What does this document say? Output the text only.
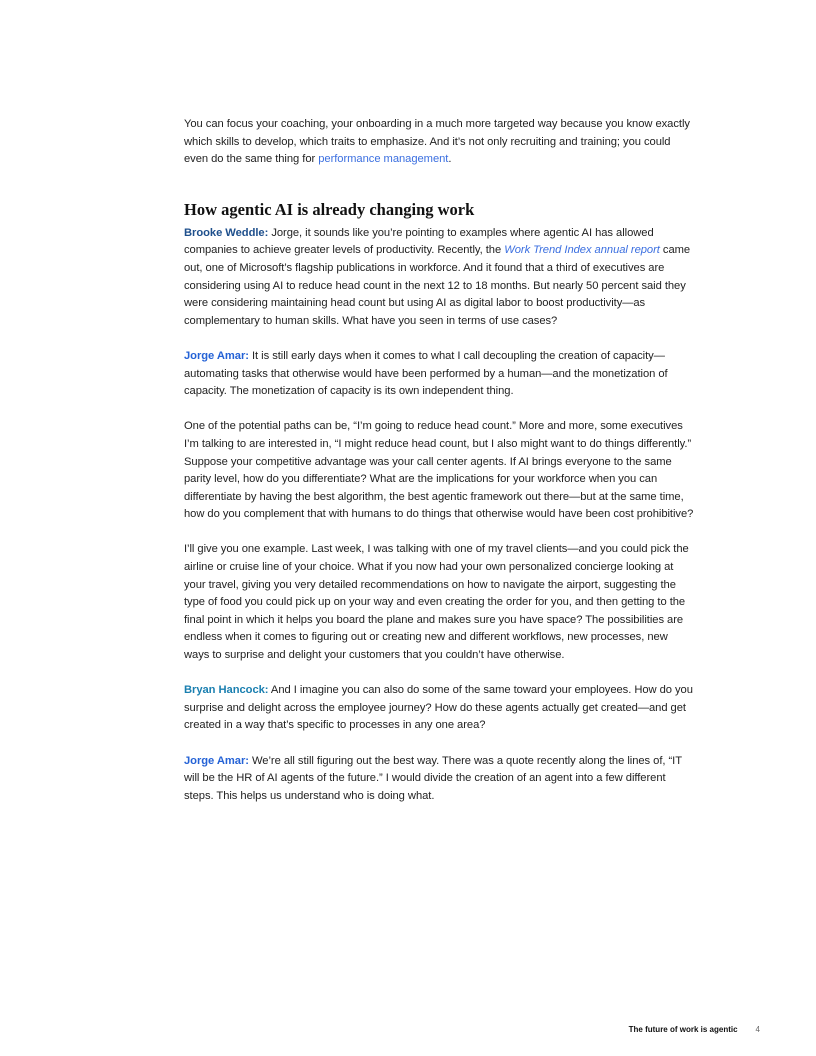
You can focus your coaching, your onboarding in a much more targeted way because you know exactly which skills to develop, which traits to emphasize. And it’s not only recruiting and training; you could even do the same thing for performance management.

How agentic AI is already changing work

Brooke Weddle: Jorge, it sounds like you’re pointing to examples where agentic AI has allowed companies to achieve greater levels of productivity. Recently, the Work Trend Index annual report came out, one of Microsoft’s flagship publications in workforce. And it found that a third of executives are considering using AI to reduce head count in the next 12 to 18 months. But nearly 50 percent said they were considering maintaining head count but using AI as digital labor to boost productivity—as complementary to human skills. What have you seen in terms of use cases?

Jorge Amar: It is still early days when it comes to what I call decoupling the creation of capacity—automating tasks that otherwise would have been performed by a human—and the monetization of capacity. The monetization of capacity is its own independent thing.

One of the potential paths can be, “I’m going to reduce head count.” More and more, some executives I’m talking to are interested in, “I might reduce head count, but I also might want to do things differently.” Suppose your competitive advantage was your call center agents. If AI brings everyone to the same parity level, how do you differentiate? What are the implications for your workforce when you can differentiate by having the best algorithm, the best agentic framework out there—but at the same time, how do you complement that with humans to do things that otherwise would have been cost prohibitive?

I’ll give you one example. Last week, I was talking with one of my travel clients—and you could pick the airline or cruise line of your choice. What if you now had your own personalized concierge looking at your travel, giving you very detailed recommendations on how to navigate the airport, suggesting the type of food you could pick up on your way and even creating the order for you, and then getting to the final point in which it helps you board the plane and makes sure you have space? The possibilities are endless when it comes to figuring out or creating new and different workflows, new processes, new ways to surprise and delight your customers that you couldn’t have otherwise.

Bryan Hancock: And I imagine you can also do some of the same toward your employees. How do you surprise and delight across the employee journey? How do these agents actually get created—and get created in a way that’s specific to processes in any one area?

Jorge Amar: We’re all still figuring out the best way. There was a quote recently along the lines of, “IT will be the HR of AI agents of the future.” I would divide the creation of an agent into a few different steps. This helps us understand who is doing what.

The future of work is agentic 4
